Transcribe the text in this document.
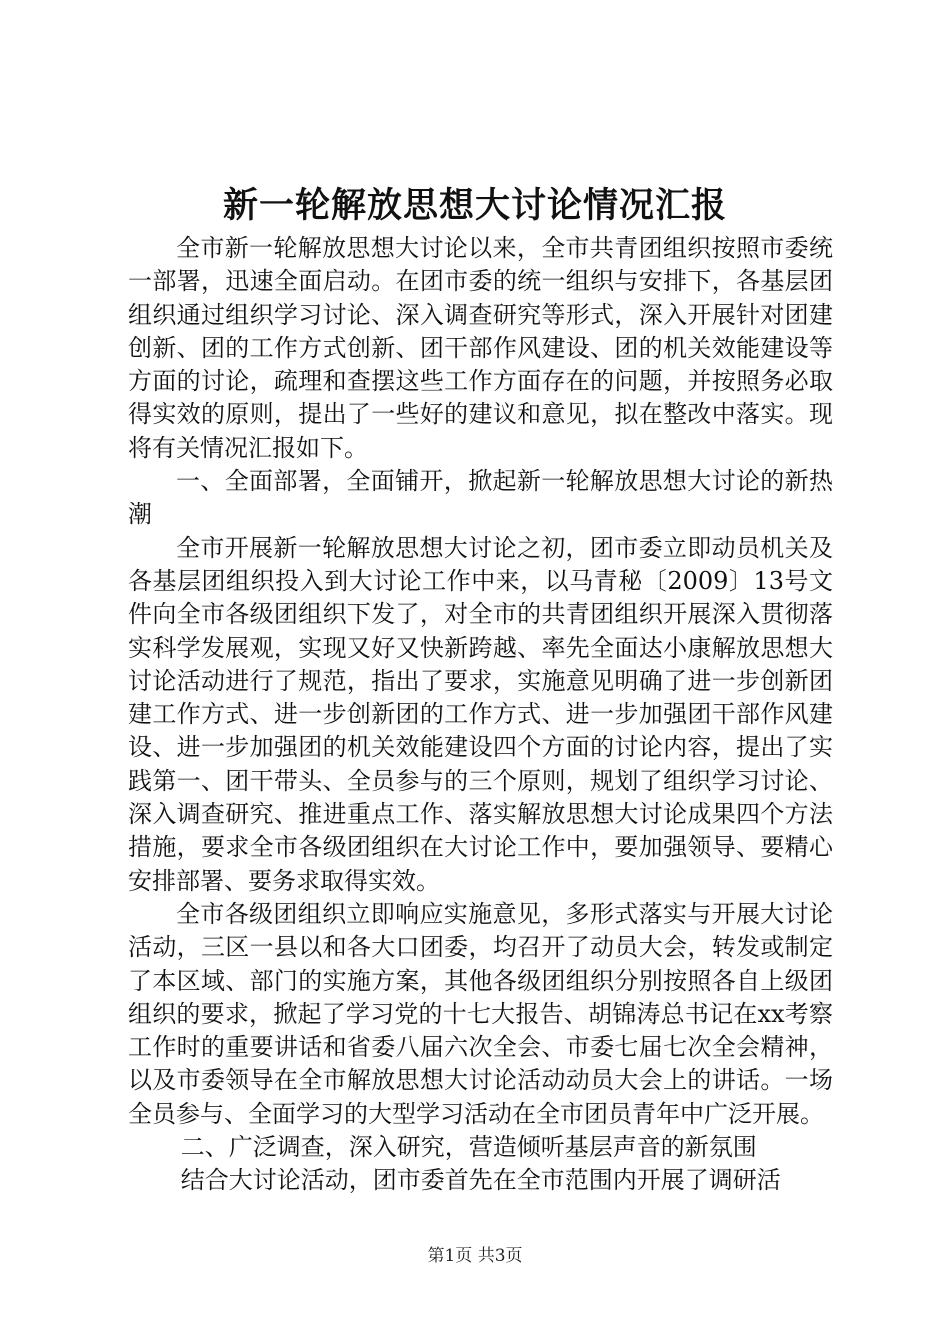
新一轮解放思想大讨论情况汇报

全市新一轮解放思想大讨论以来，全市共青团组织按照市委统一部署，迅速全面启动。在团市委的统一组织与安排下，各基层团组织通过组织学习讨论、深入调查研究等形式，深入开展针对团建创新、团的工作方式创新、团干部作风建设、团的机关效能建设等方面的讨论，疏理和查摆这些工作方面存在的问题，并按照务必取得实效的原则，提出了一些好的建议和意见，拟在整改中落实。现将有关情况汇报如下。

一、全面部署，全面铺开，掀起新一轮解放思想大讨论的新热潮

全市开展新一轮解放思想大讨论之初，团市委立即动员机关及各基层团组织投入到大讨论工作中来，以马青秘〔2009〕13号文件向全市各级团组织下发了，对全市的共青团组织开展深入贯彻落实科学发展观，实现又好又快新跨越、率先全面达小康解放思想大讨论活动进行了规范，指出了要求，实施意见明确了进一步创新团建工作方式、进一步创新团的工作方式、进一步加强团干部作风建设、进一步加强团的机关效能建设四个方面的讨论内容，提出了实践第一、团干带头、全员参与的三个原则，规划了组织学习讨论、深入调查研究、推进重点工作、落实解放思想大讨论成果四个方法措施，要求全市各级团组织在大讨论工作中，要加强领导、要精心安排部署、要务求取得实效。

全市各级团组织立即响应实施意见，多形式落实与开展大讨论活动，三区一县以和各大口团委，均召开了动员大会，转发或制定了本区域、部门的实施方案，其他各级团组织分别按照各自上级团组织的要求，掀起了学习党的十七大报告、胡锦涛总书记在xx考察工作时的重要讲话和省委八届六次全会、市委七届七次全会精神，以及市委领导在全市解放思想大讨论活动动员大会上的讲话。一场全员参与、全面学习的大型学习活动在全市团员青年中广泛开展。

二、广泛调查，深入研究，营造倾听基层声音的新氛围

结合大讨论活动，团市委首先在全市范围内开展了调研活

第1页 共3页
